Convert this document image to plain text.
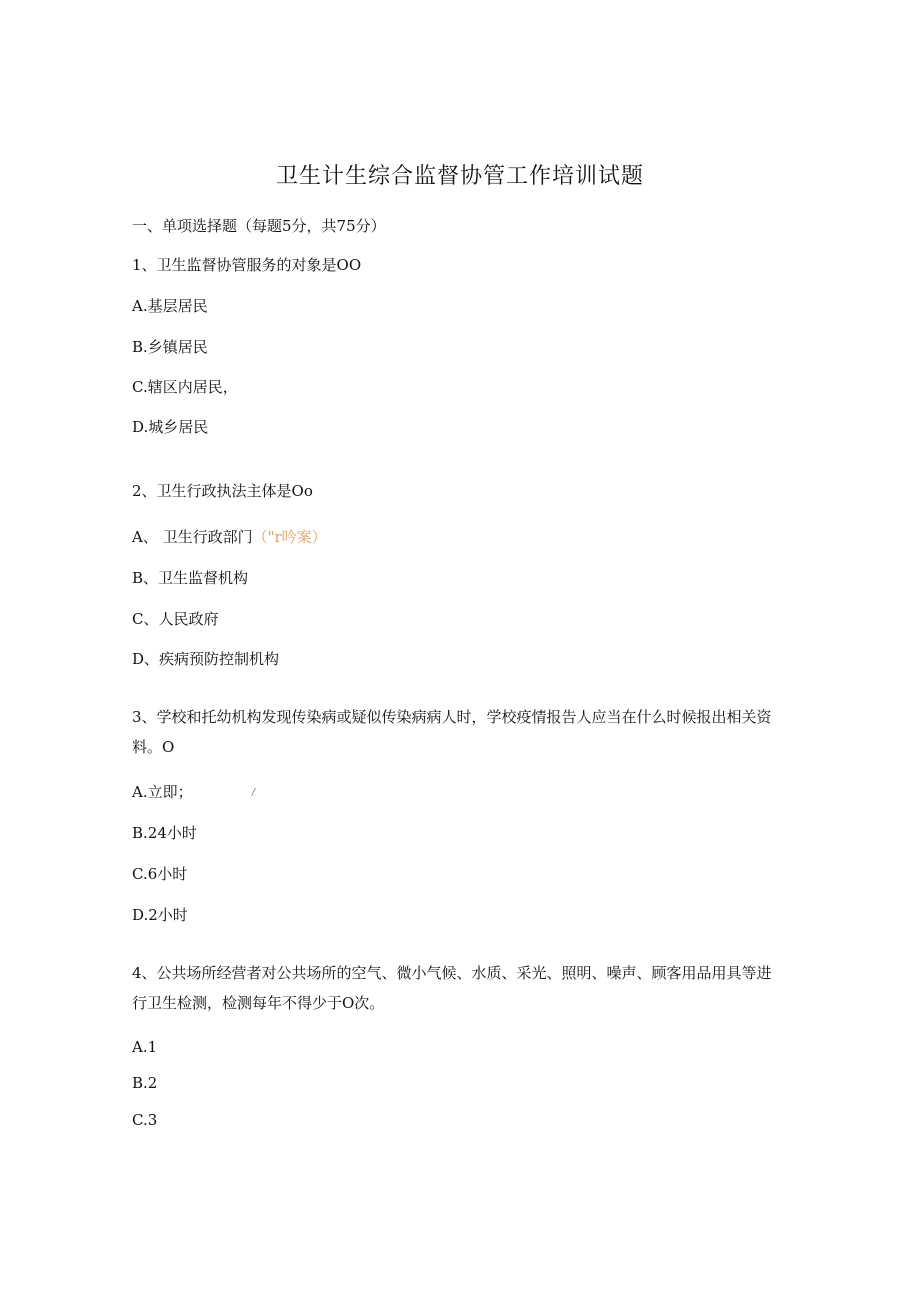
卫生计生综合监督协管工作培训试题
一、单项选择题（每题5分，共75分）
1、卫生监督协管服务的对象是OO
A.基层居民
B.乡镇居民
C.辖区内居民，
D.城乡居民
2、卫生行政执法主体是Oo
A、 卫生行政部门（"r吟案）
B、卫生监督机构
C、人民政府
D、疾病预防控制机构
3、学校和托幼机构发现传染病或疑似传染病病人时，学校疫情报告人应当在什么时候报出相关资料。O
A.立即；	/
B.24小时
C.6小时
D.2小时
4、公共场所经营者对公共场所的空气、微小气候、水质、采光、照明、噪声、顾客用品用具等进行卫生检测，检测每年不得少于O次。
A.1
B.2
C.3
